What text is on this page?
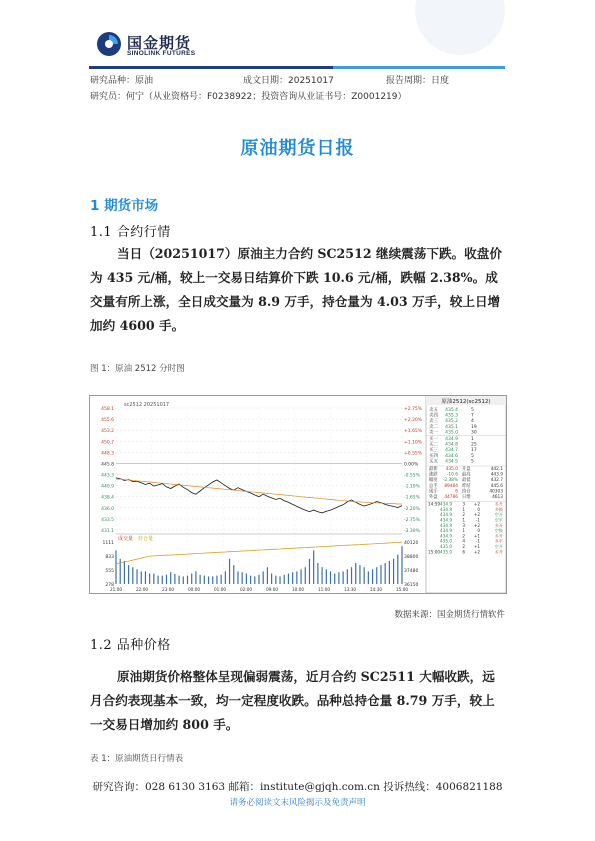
国金期货
SINOLINK FUTURES
研究品种：原油	成文日期：20251017	报告周期：日度
研究员：何宁（从业资格号：F0238922；投资咨询从业证书号：Z0001219）
原油期货日报
1 期货市场
1.1 合约行情

当日（20251017）原油主力合约 SC2512 继续震荡下跌。收盘价为 435 元/桶，较上一交易日结算价下跌 10.6 元/桶，跌幅 2.38%。成交量有所上涨，全日成交量为 8.9 万手，持仓量为 4.03 万手，较上日增加约 4600 手。

图 1：原油 2512 分时图
sc2512 20251017
458.1
455.6
453.2
450.7
448.3
445.8
443.3
440.9
438.4
436.0
433.5
431.1
+2.75%
+2.20%
+1.65%
+1.10%
+0.55%
0.00%
-0.55%
-1.10%
-1.65%
-2.20%
-2.75%
-3.30%
成交量 持仓量
1111	40120
833	38800
555	37480
278	36150
21:00	22:00	23:00	00:00	01:00	02:00	09:00	10:00	11:00	13:30	14:30	15:00
原油2512(sc2512)
卖五 435.4	5
卖四 435.3	7
卖三 435.2	4
卖二 435.1	19
卖一 435.0	30
买一 434.9	1
买二 434.8	25
买三 434.7	17
买四 434.6	5
买五 434.5	5
最新 435.0 开盘	442.1
涨跌 -10.6 最高	443.9
幅度 -2.38% 最低	432.7
总手 89484 昨结	445.6
现手	6 持仓	40303
外盘 44786 日增	4613
14:59 434.9 3 +2	多开
434.9 1	0	多换
434.9 2 +2	空开
434.9 1	-1	空平
434.9 3 +2	多开
434.9 1	0	空换
434.9 2 +1	多开
435.0 4	-1	多平
435.0 2 +1	空开
15:00 435.0 6 +2	多开
数据来源：国金期货行情软件
1.2 品种价格

原油期货价格整体呈现偏弱震荡，近月合约 SC2511 大幅收跌，远月合约表现基本一致，均一定程度收跌。品种总持仓量 8.79 万手，较上一交易日增加约 800 手。

表 1：原油期货日行情表
研究咨询：028 6130 3163 邮箱：institute@gjqh.com.cn 投诉热线：4006821188
请务必阅读文末风险揭示及免责声明
